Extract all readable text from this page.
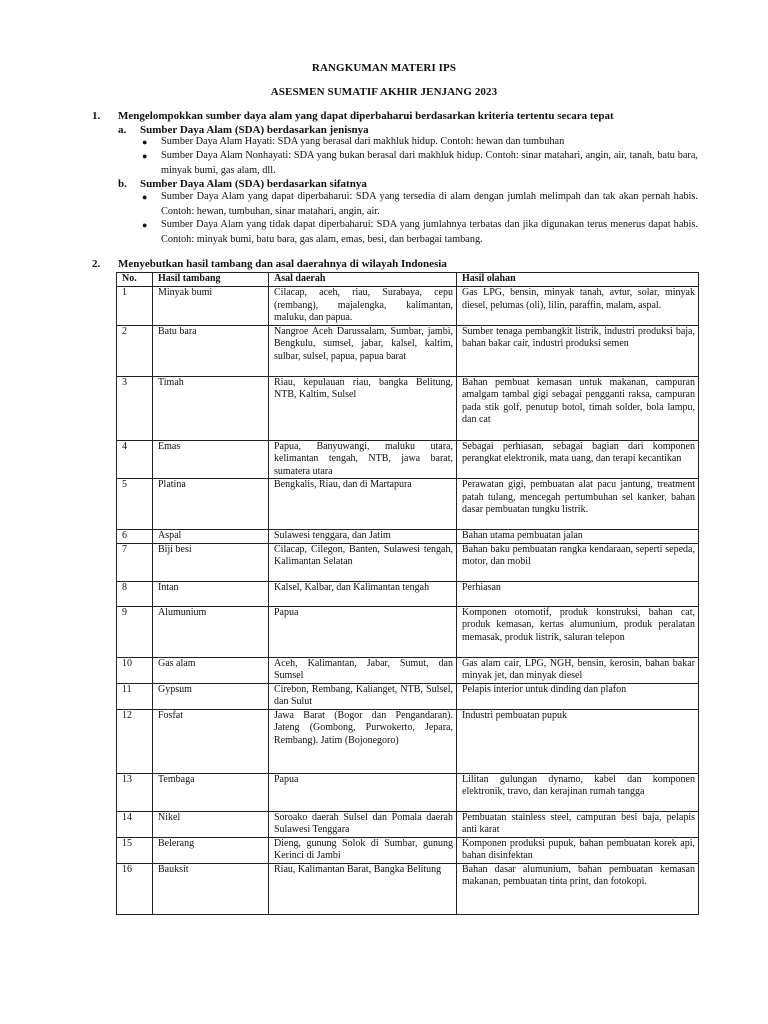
RANGKUMAN MATERI IPS
ASESMEN SUMATIF AKHIR JENJANG 2023
1. Mengelompokkan sumber daya alam yang dapat diperbaharui berdasarkan kriteria tertentu secara tepat
a. Sumber Daya Alam (SDA) berdasarkan jenisnya
● Sumber Daya Alam Hayati: SDA yang berasal dari makhluk hidup. Contoh: hewan dan tumbuhan
● Sumber Daya Alam Nonhayati: SDA yang bukan berasal dari makhluk hidup. Contoh: sinar matahari, angin, air, tanah, batu bara, minyak bumi, gas alam, dll.
b. Sumber Daya Alam (SDA) berdasarkan sifatnya
● Sumber Daya Alam yang dapat diperbaharui: SDA yang tersedia di alam dengan jumlah melimpah dan tak akan pernah habis. Contoh: hewan, tumbuhan, sinar matahari, angin, air.
● Sumber Daya Alam yang tidak dapat diperbaharui: SDA yang jumlahnya terbatas dan jika digunakan terus menerus dapat habis. Contoh: minyak bumi, batu bara, gas alam, emas, besi, dan berbagai tambang.
2. Menyebutkan hasil tambang dan asal daerahnya di wilayah Indonesia
No.	Hasil tambang	Asal daerah	Hasil olahan
1	Minyak bumi	Cilacap, aceh, riau, Surabaya, cepu (rembang), majalengka, kalimantan, maluku, dan papua.	Gas LPG, bensin, minyak tanah, avtur, solar, minyak diesel, pelumas (oli), lilin, paraffin, malam, aspal.
2	Batu bara	Nangroe Aceh Darussalam, Sumbar, jambi, Bengkulu, sumsel, jabar, kalsel, kaltim, sulbar, sulsel, papua, papua barat	Sumber tenaga pembangkit listrik, industri produksi baja, bahan bakar cair, industri produksi semen
3	Timah	Riau, kepulauan riau, bangka Belitung, NTB, Kaltim, Sulsel	Bahan pembuat kemasan untuk makanan, campuran amalgam tambal gigi sebagai pengganti raksa, campuran pada stik golf, penutup botol, timah solder, bola lampu, dan cat
4	Emas	Papua, Banyuwangi, maluku utara, kelimantan tengah, NTB, jawa barat, sumatera utara	Sebagai perhiasan, sebagai bagian dari komponen perangkat elektronik, mata uang, dan terapi kecantikan
5	Platina	Bengkalis, Riau, dan di Martapura	Perawatan gigi, pembuatan alat pacu jantung, treatment patah tulang, mencegah pertumbuhan sel kanker, bahan dasar pembuatan tungku listrik.
6	Aspal	Sulawesi tenggara, dan Jatim	Bahan utama pembuatan jalan
7	Biji besi	Cilacap, Cilegon, Banten, Sulawesi tengah, Kalimantan Selatan	Bahan baku pembuatan rangka kendaraan, seperti sepeda, motor, dan mobil
8	Intan	Kalsel, Kalbar, dan Kalimantan tengah	Perhiasan
9	Alumunium	Papua	Komponen otomotif, produk konstruksi, bahan cat, produk kemasan, kertas alumunium, produk peralatan memasak, produk listrik, saluran telepon
10	Gas alam	Aceh, Kalimantan, Jabar, Sumut, dan Sumsel	Gas alam cair, LPG, NGH, bensin, kerosin, bahan bakar minyak jet, dan minyak diesel
11	Gypsum	Cirebon, Rembang, Kalianget, NTB, Sulsel, dan Sulut	Pelapis interior untuk dinding dan plafon
12	Fosfat	Jawa Barat (Bogor dan Pengandaran). Jateng (Gombong, Purwokerto, Jepara, Rembang). Jatim (Bojonegoro)	Industri pembuatan pupuk
13	Tembaga	Papua	Lilitan gulungan dynamo, kabel dan komponen elektronik, travo, dan kerajinan rumah tangga
14	Nikel	Soroako daerah Sulsel dan Pomala daerah Sulawesi Tenggara	Pembuatan stainless steel, campuran besi baja, pelapis anti karat
15	Belerang	Dieng, gunung Solok di Sumbar, gunung Kerinci di Jambi	Komponen produksi pupuk, bahan pembuatan korek api, bahan disinfektan
16	Bauksit	Riau, Kalimantan Barat, Bangka Belitung	Bahan dasar alumunium, bahan pembuatan kemasan makanan, pembuatan tinta print, dan fotokopi.
